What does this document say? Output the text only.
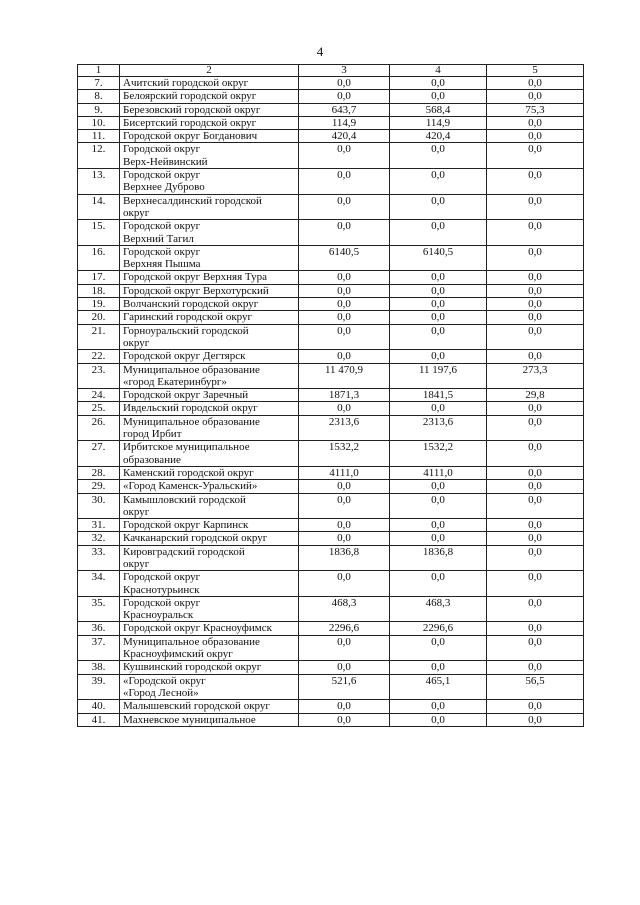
4
1	2	3	4	5
7.	Ачитский городской округ	0,0	0,0	0,0
8.	Белоярский городской округ	0,0	0,0	0,0
9.	Березовский городской округ	643,7	568,4	75,3
10.	Бисертский городской округ	114,9	114,9	0,0
11.	Городской округ Богданович	420,4	420,4	0,0
12.	Городской округ
Верх-Нейвинский	0,0	0,0	0,0
13.	Городской округ
Верхнее Дуброво	0,0	0,0	0,0
14.	Верхнесалдинский городской
округ	0,0	0,0	0,0
15.	Городской округ
Верхний Тагил	0,0	0,0	0,0
16.	Городской округ
Верхняя Пышма	6140,5	6140,5	0,0
17.	Городской округ Верхняя Тура	0,0	0,0	0,0
18.	Городской округ Верхотурский	0,0	0,0	0,0
19.	Волчанский городской округ	0,0	0,0	0,0
20.	Гаринский городской округ	0,0	0,0	0,0
21.	Горноуральский городской
округ	0,0	0,0	0,0
22.	Городской округ Дегтярск	0,0	0,0	0,0
23.	Муниципальное образование
«город Екатеринбург»	11 470,9	11 197,6	273,3
24.	Городской округ Заречный	1871,3	1841,5	29,8
25.	Ивдельский городской округ	0,0	0,0	0,0
26.	Муниципальное образование
город Ирбит	2313,6	2313,6	0,0
27.	Ирбитское муниципальное
образование	1532,2	1532,2	0,0
28.	Каменский городской округ	4111,0	4111,0	0,0
29.	«Город Каменск-Уральский»	0,0	0,0	0,0
30.	Камышловский городской
округ	0,0	0,0	0,0
31.	Городской округ Карпинск	0,0	0,0	0,0
32.	Качканарский городской округ	0,0	0,0	0,0
33.	Кировградский городской
округ	1836,8	1836,8	0,0
34.	Городской округ
Краснотурьинск	0,0	0,0	0,0
35.	Городской округ
Красноуральск	468,3	468,3	0,0
36.	Городской округ Красноуфимск	2296,6	2296,6	0,0
37.	Муниципальное образование
Красноуфимский округ	0,0	0,0	0,0
38.	Кушвинский городской округ	0,0	0,0	0,0
39.	«Городской округ
«Город Лесной»	521,6	465,1	56,5
40.	Малышевский городской округ	0,0	0,0	0,0
41.	Махневское муниципальное	0,0	0,0	0,0
